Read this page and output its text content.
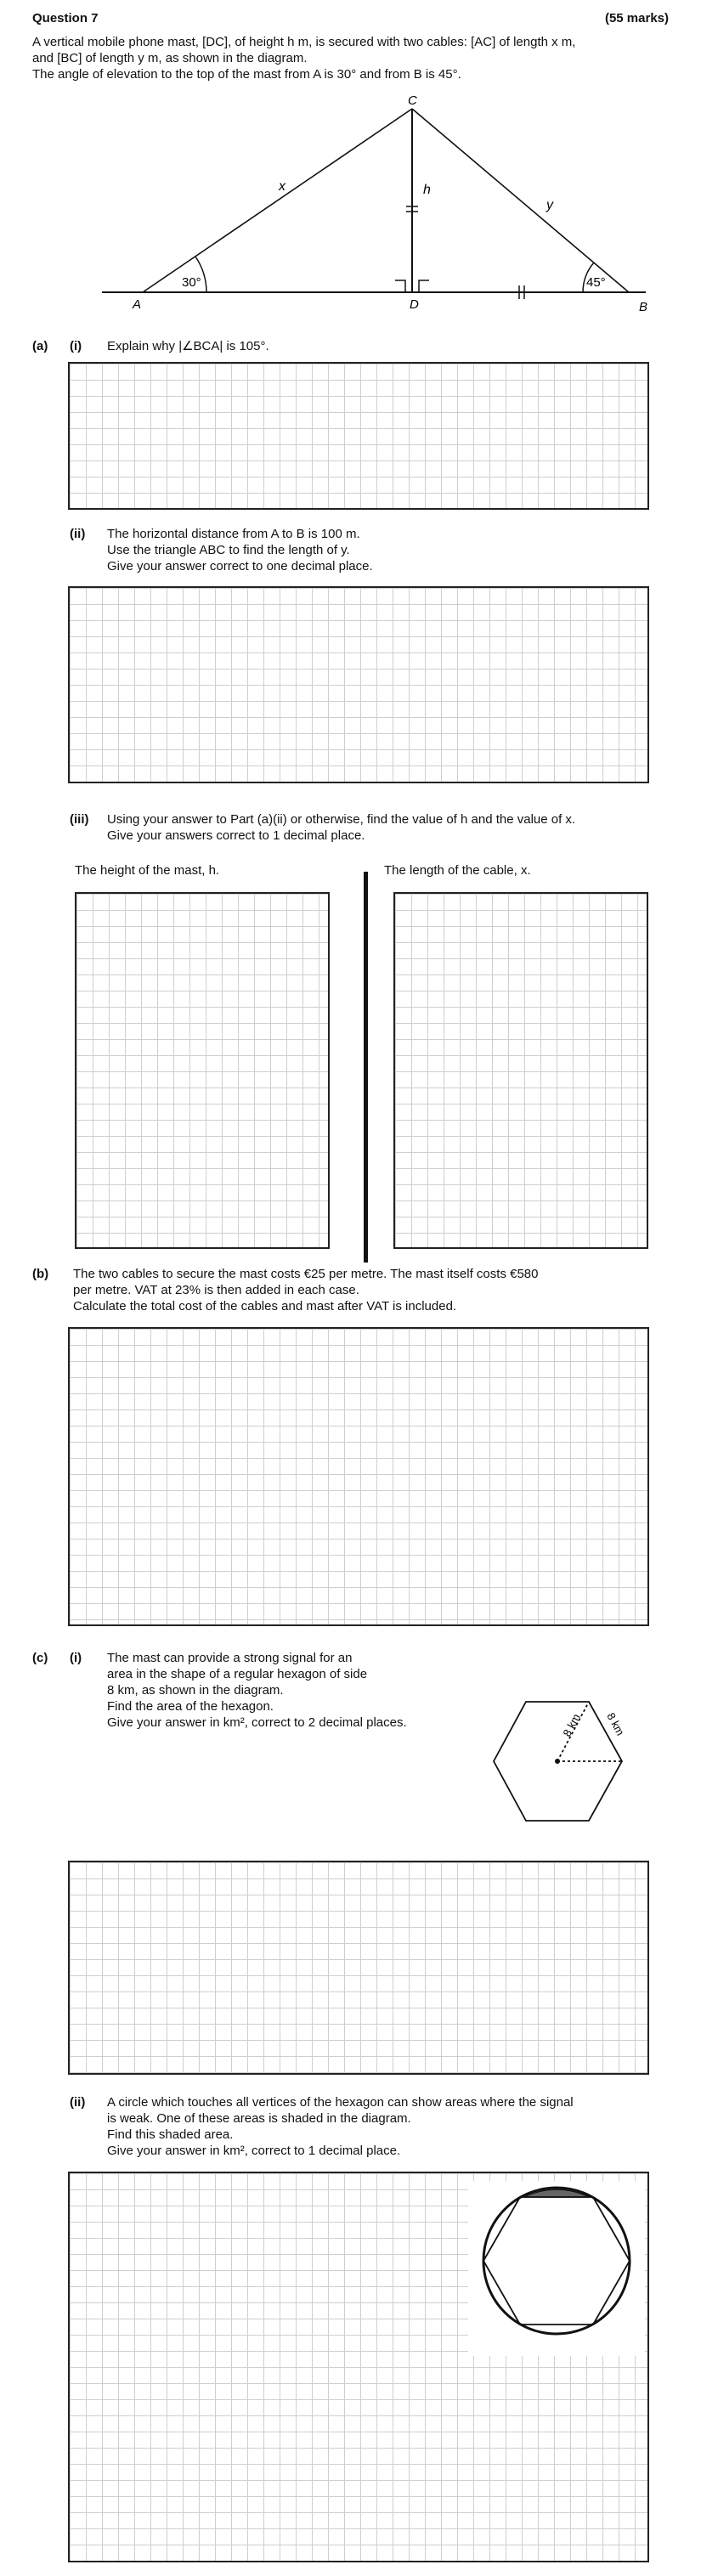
Question 7	(55 marks)
A vertical mobile phone mast, [DC], of height h m, is secured with two cables: [AC] of length x m,
and [BC] of length y m, as shown in the diagram.
The angle of elevation to the top of the mast from A is 30° and from B is 45°.
30°	45°
A	B
C
D
x
y
h
(a) (i) Explain why |∠BCA| is 105°.
(ii) The horizontal distance from A to B is 100 m.
Use the triangle ABC to find the length of y.
Give your answer correct to one decimal place.
(iii) Using your answer to Part (a)(ii) or otherwise, find the value of h and the value of x.
Give your answers correct to 1 decimal place.
The height of the mast, h.	The length of the cable, x.
(b) The two cables to secure the mast costs €25 per metre. The mast itself costs €580
per metre. VAT at 23% is then added in each case.
Calculate the total cost of the cables and mast after VAT is included.
(c) (i) The mast can provide a strong signal for an
area in the shape of a regular hexagon of side
8 km, as shown in the diagram.
Find the area of the hexagon.
Give your answer in km², correct to 2 decimal places.	8 km 8 km
(ii) A circle which touches all vertices of the hexagon can show areas where the signal
is weak. One of these areas is shaded in the diagram.
Find this shaded area.
Give your answer in km², correct to 1 decimal place.
